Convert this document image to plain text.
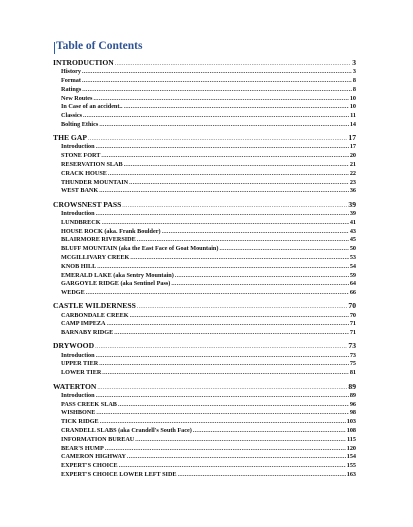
Table of Contents
INTRODUCTION .....	3
History .....	3
Format .....	8
Ratings .....	8
New Routes .....	10
In Case of an accident.. .....	10
Classics .....	11
Bolting Ethics .....	14
THE GAP .....	17
Introduction .....	17
STONE FORT .....	20
RESERVATION SLAB .....	21
CRACK HOUSE .....	22
THUNDER MOUNTAIN .....	23
WEST BANK .....	36
CROWSNEST PASS .....	39
Introduction .....	39
LUNDBRECK .....	41
HOUSE ROCK (aka. Frank Boulder) .....	43
BLAIRMORE RIVERSIDE .....	45
BLUFF MOUNTAIN (aka the East Face of Goat Mountain) .....	50
MCGILLIVARY CREEK .....	53
KNOB HILL .....	54
EMERALD LAKE (aka Sentry Mountain) .....	59
GARGOYLE RIDGE (aka Sentinel Pass) .....	64
WEDGE .....	66
CASTLE WILDERNESS .....	70
CARBONDALE CREEK .....	70
CAMP IMPEZA .....	71
BARNABY RIDGE .....	71
DRYWOOD .....	73
Introduction .....	73
UPPER TIER .....	75
LOWER TIER .....	81
WATERTON .....	89
Introduction .....	89
PASS CREEK SLAB .....	96
WISHBONE .....	98
TICK RIDGE .....	103
CRANDELL SLABS (aka Crandell's South Face) .....	108
INFORMATION BUREAU .....	115
BEAR'S HUMP .....	120
CAMERON HIGHWAY .....	154
EXPERT'S CHOICE .....	155
EXPERT'S CHOICE LOWER LEFT SIDE .....	163
